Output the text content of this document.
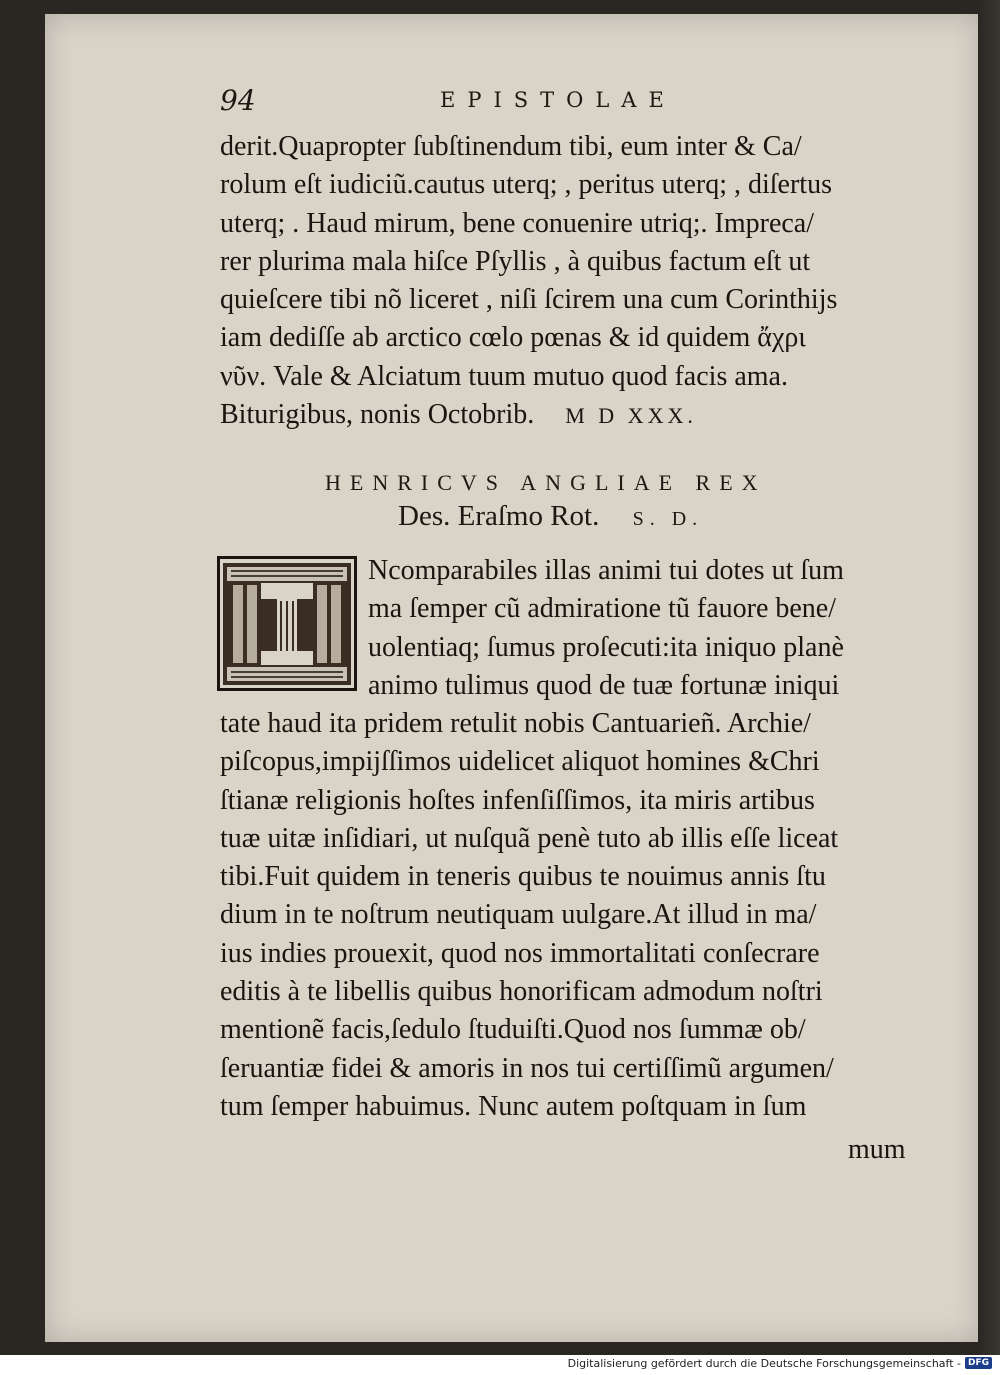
94	EPISTOLAE
derit.Quapropter ſubſtinendum tibi, eum inter & Ca/
rolum eſt iudiciũ.cautus uterq; , peritus uterq; , diſertus
uterq; . Haud mirum, bene conuenire utriq;. Impreca/
rer plurima mala hiſce Pſyllis , à quibus factum eſt ut
quieſcere tibi nõ liceret , niſi ſcirem una cum Corinthijs
iam dediſſe ab arctico cœlo pœnas & id quidem ἄχρι
νῦν. Vale & Alciatum tuum mutuo quod facis ama.
Biturigibus, nonis Octobrib. M D XXX.
HENRICVS ANGLIAE REX
Des. Eraſmo Rot. S. D.
Ncomparabiles illas animi tui dotes ut ſum
ma ſemper cũ admiratione tũ fauore bene/
uolentiaq; ſumus proſecuti:ita iniquo planè
animo tulimus quod de tuæ fortunæ iniqui
tate haud ita pridem retulit nobis Cantuarieñ. Archie/
piſcopus,impijſſimos uidelicet aliquot homines &Chri
ſtianæ religionis hoſtes infenſiſſimos, ita miris artibus
tuæ uitæ inſidiari, ut nuſquã penè tuto ab illis eſſe liceat
tibi.Fuit quidem in teneris quibus te nouimus annis ſtu
dium in te noſtrum neutiquam uulgare.At illud in ma/
ius indies prouexit, quod nos immortalitati conſecrare
editis à te libellis quibus honorificam admodum noſtri
mentionẽ facis,ſedulo ſtuduiſti.Quod nos ſummæ ob/
ſeruantiæ fidei & amoris in nos tui certiſſimũ argumen/
tum ſemper habuimus. Nunc autem poſtquam in ſum
mum
Digitalisierung gefördert durch die Deutsche Forschungsgemeinschaft - DFG
